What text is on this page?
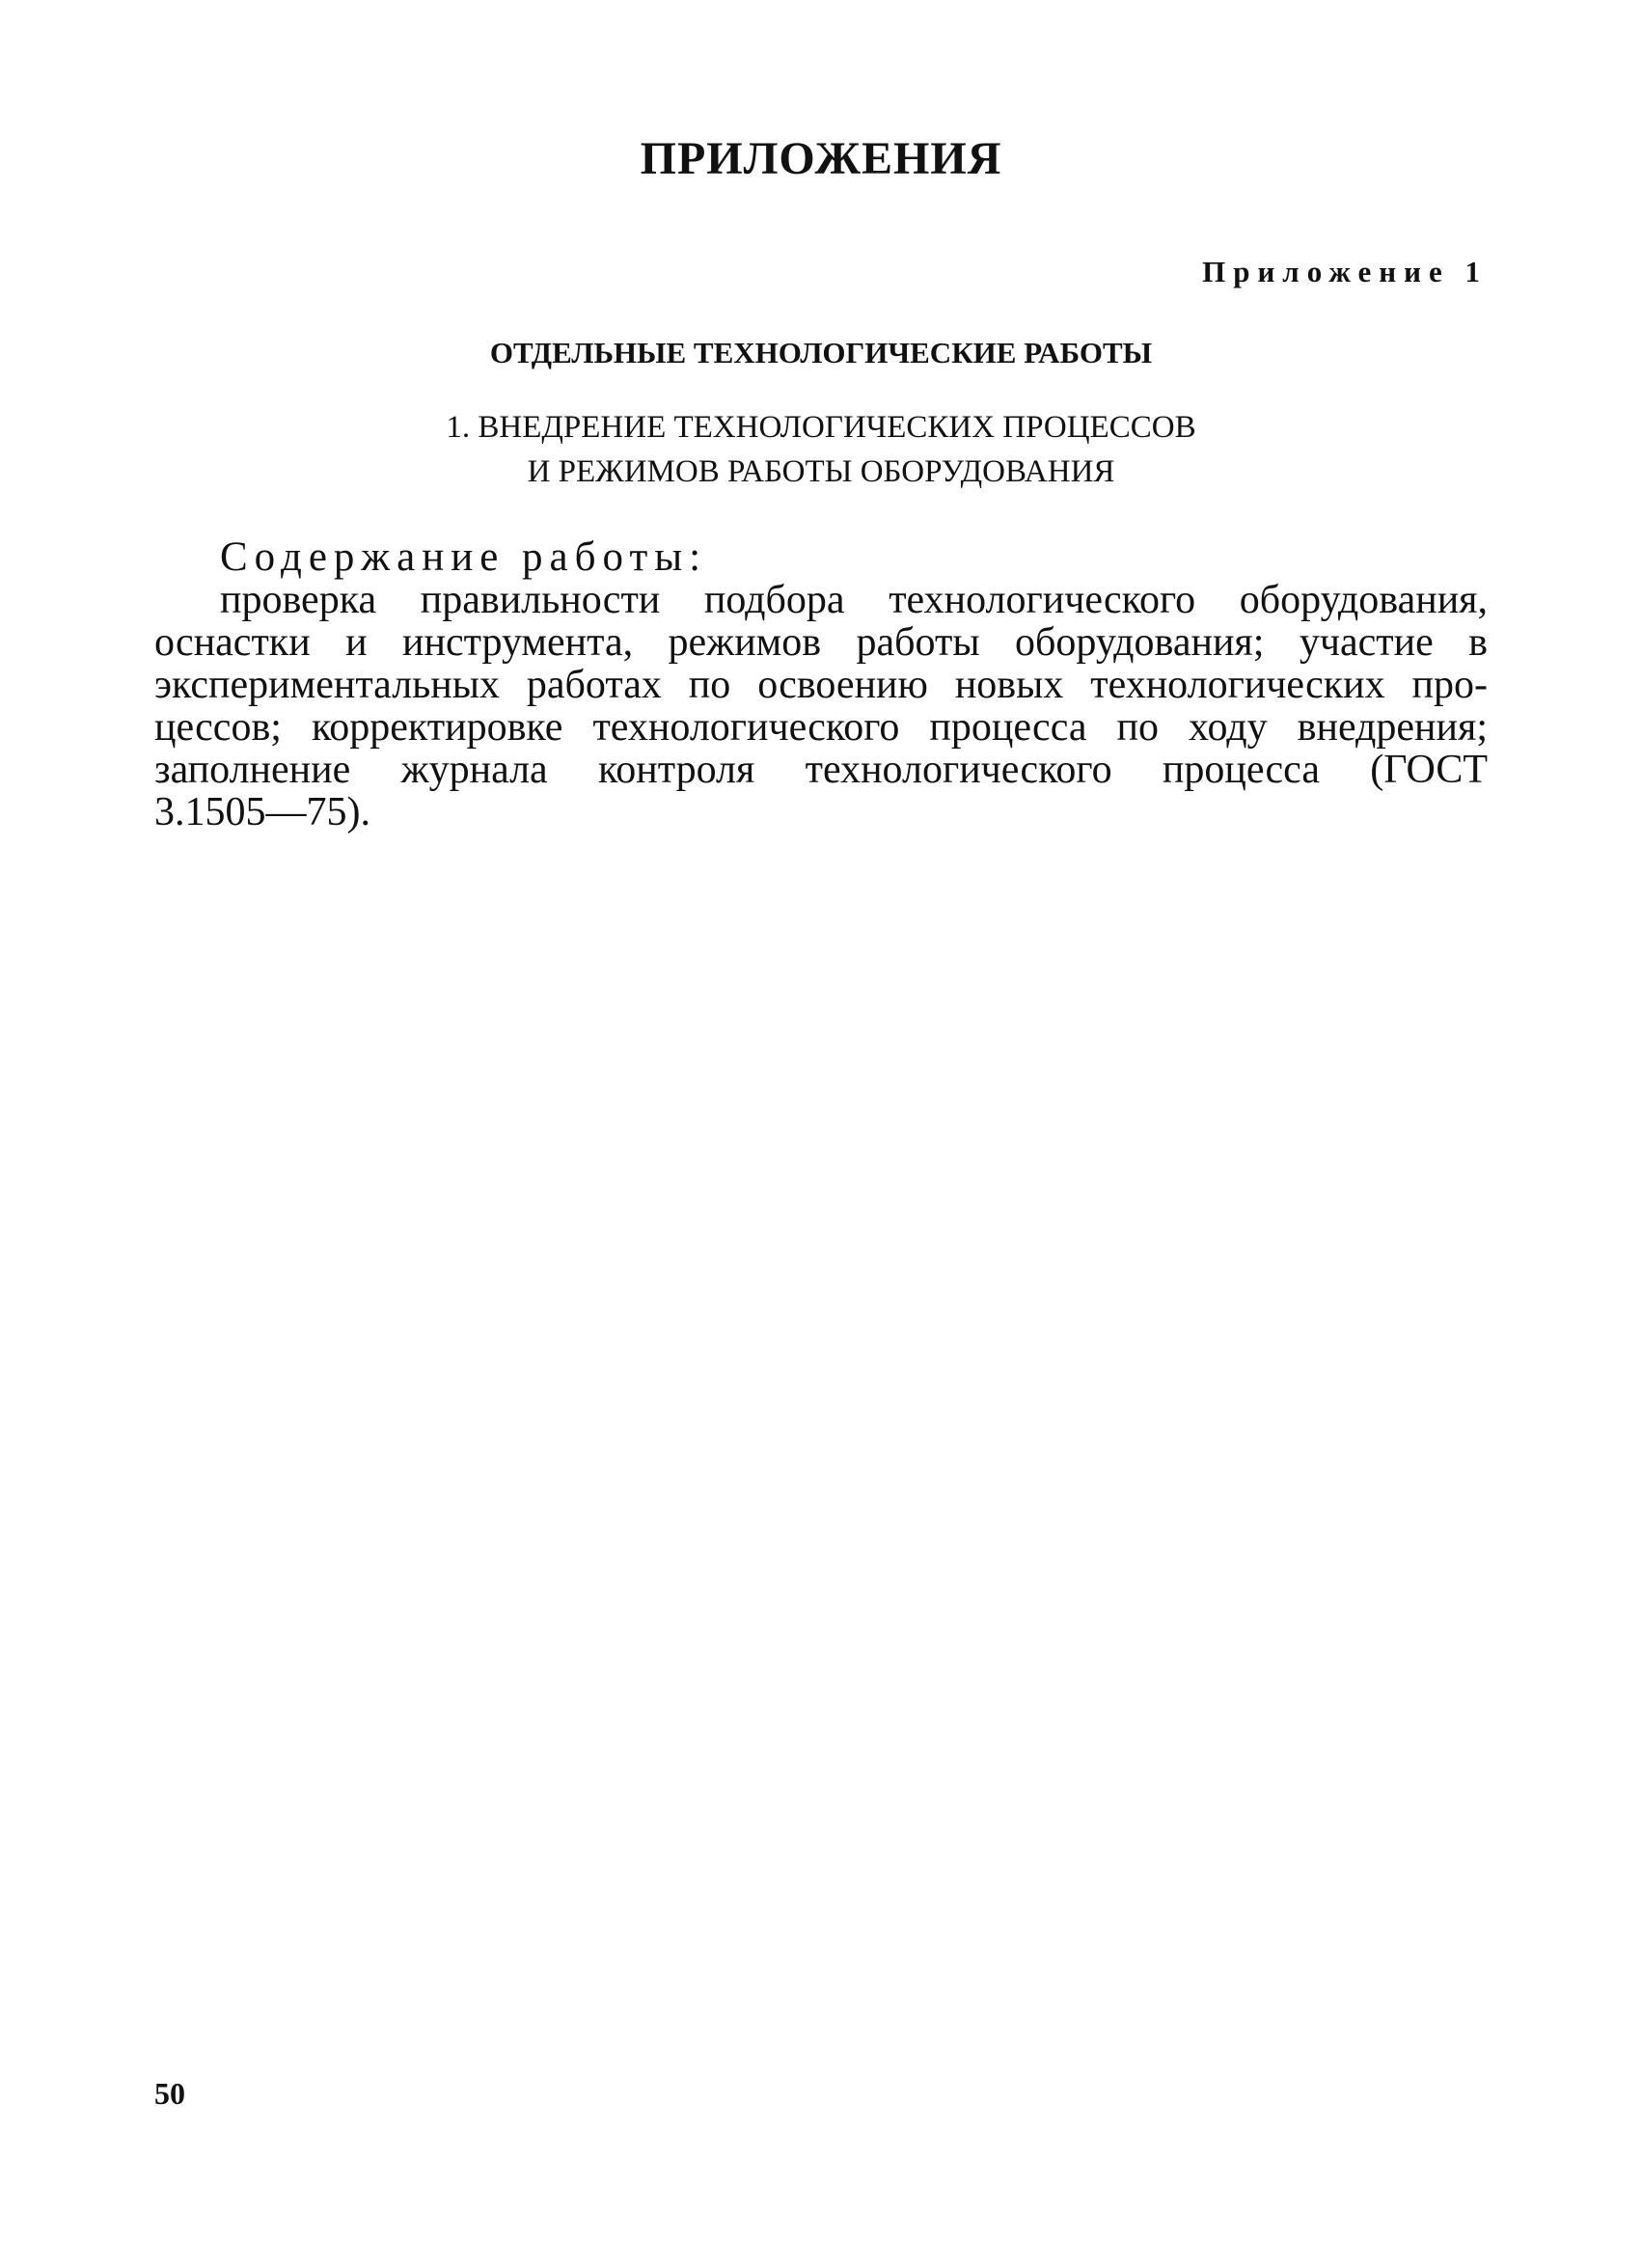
ПРИЛОЖЕНИЯ
Приложение 1
ОТДЕЛЬНЫЕ ТЕХНОЛОГИЧЕСКИЕ РАБОТЫ
1. ВНЕДРЕНИЕ ТЕХНОЛОГИЧЕСКИХ ПРОЦЕССОВ
И РЕЖИМОВ РАБОТЫ ОБОРУДОВАНИЯ
Содержание работы:
проверка правильности подбора технологического оборудования,
оснастки и инструмента, режимов работы оборудования; участие в
экспериментальных работах по освоению новых технологических про-
цессов; корректировке технологического процесса по ходу внедрения;
заполнение журнала контроля технологического процесса (ГОСТ
3.1505—75).
50
